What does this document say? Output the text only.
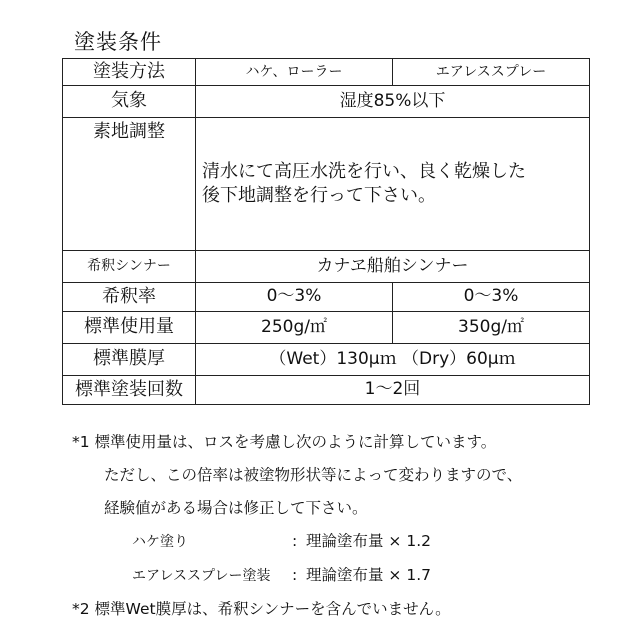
塗装条件
塗装方法	ハケ、ローラー	エアレススプレー
気象	湿度85%以下	
素地調整	清水にて高圧水洗を行い、良く乾燥した
後下地調整を行って下さい。	

希釈シンナー	カナヱ船舶シンナー	
希釈率	0～3%	0～3%
標準使用量	250g/㎡	350g/㎡
標準膜厚	（Wet）130μｍ （Dry）60μｍ	
標準塗装回数	1～2回	
*1 標準使用量は、ロスを考慮し次のように計算しています。
ただし、この倍率は被塗物形状等によって変わりますので、
経験値がある場合は修正して下さい。
ハケ塗り	: 理論塗布量 × 1.2
エアレススプレー塗装 : 理論塗布量 × 1.7
*2 標準Wet膜厚は、希釈シンナーを含んでいません。
